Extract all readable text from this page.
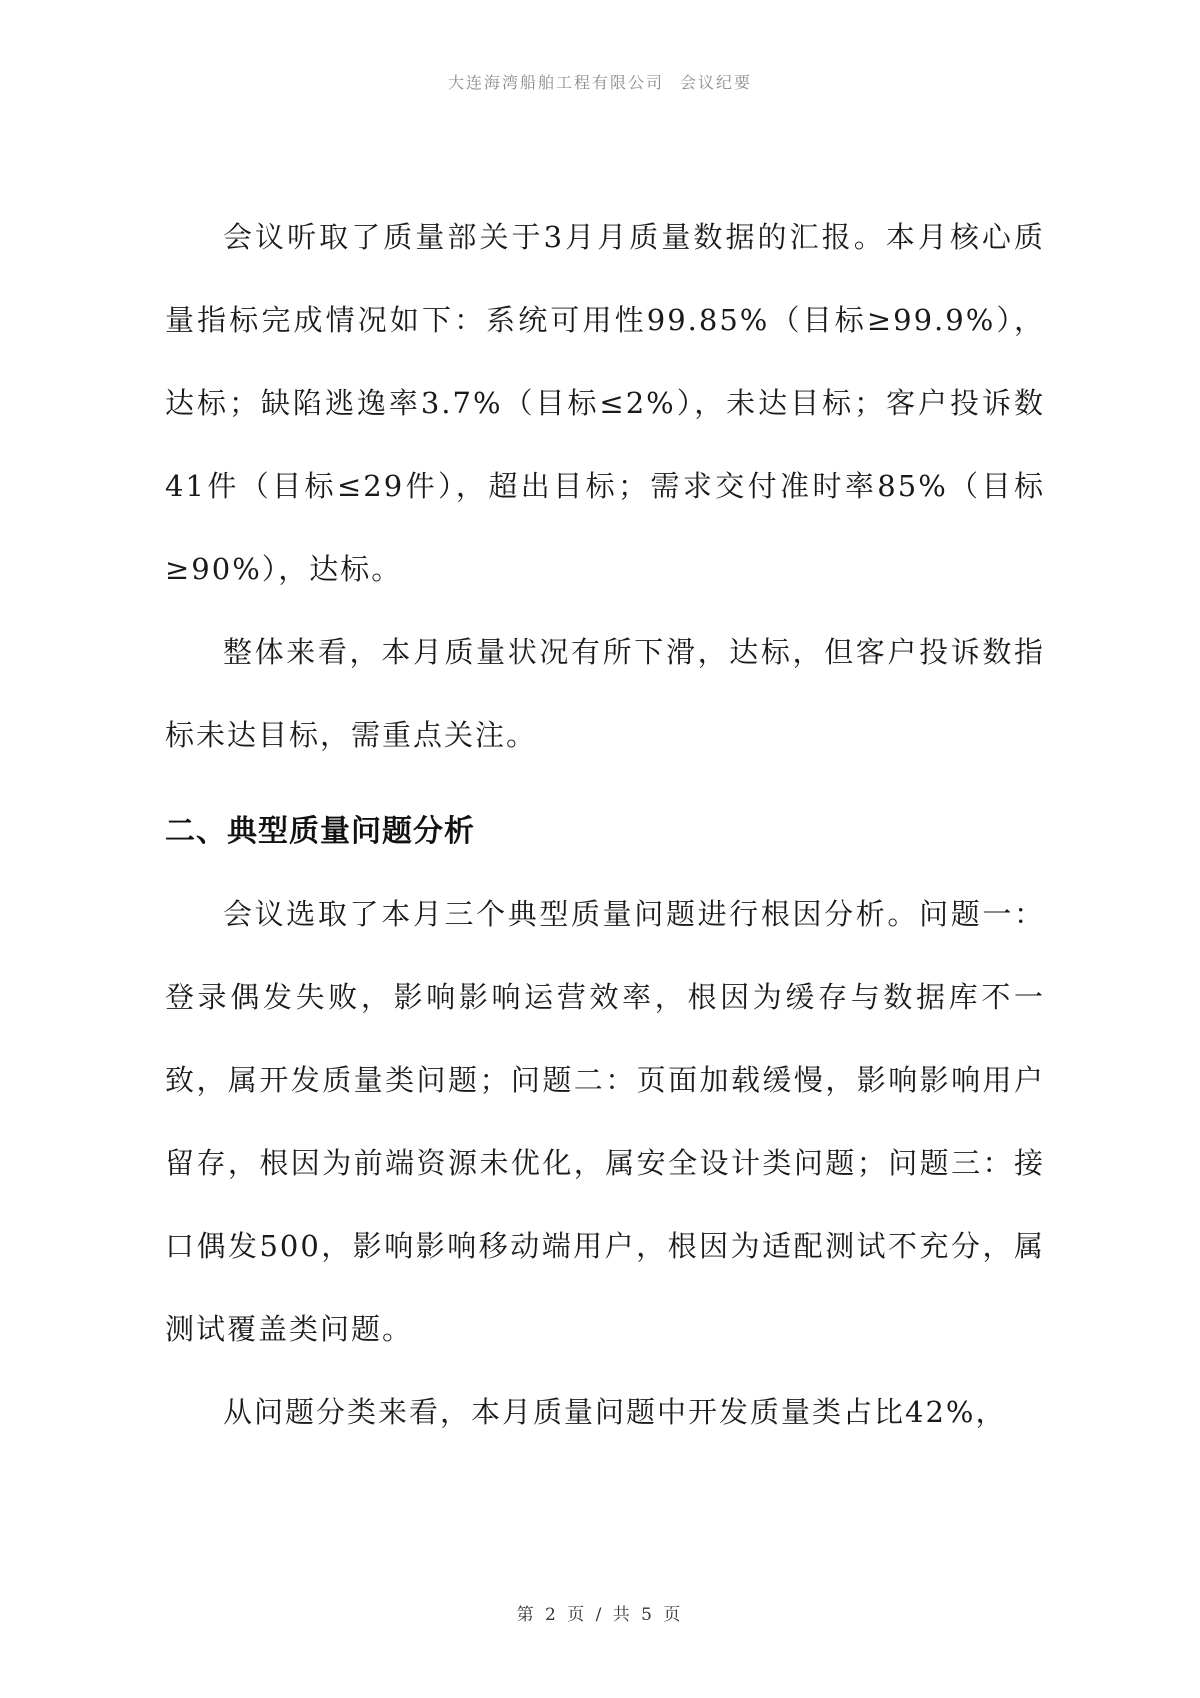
大连海湾船舶工程有限公司 会议纪要

会议听取了质量部关于3月月质量数据的汇报。本月核心质量指标完成情况如下：系统可用性99.85%（目标≥99.9%），达标；缺陷逃逸率3.7%（目标≤2%），未达目标；客户投诉数41件（目标≤29件），超出目标；需求交付准时率85%（目标≥90%），达标。

整体来看，本月质量状况有所下滑，达标，但客户投诉数指标未达目标，需重点关注。

二、典型质量问题分析

会议选取了本月三个典型质量问题进行根因分析。问题一：登录偶发失败，影响影响运营效率，根因为缓存与数据库不一致，属开发质量类问题；问题二：页面加载缓慢，影响影响用户留存，根因为前端资源未优化，属安全设计类问题；问题三：接口偶发500，影响影响移动端用户，根因为适配测试不充分，属测试覆盖类问题。

从问题分类来看，本月质量问题中开发质量类占比42%，

第 2 页 / 共 5 页
